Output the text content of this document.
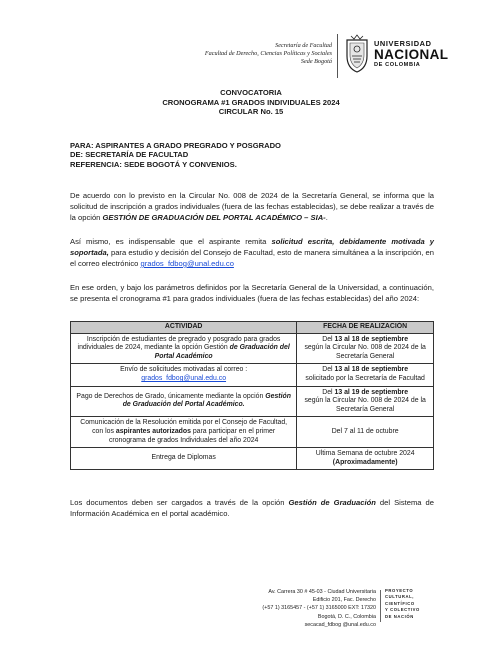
Secretaría de Facultad
Facultad de Derecho, Ciencias Políticas y Sociales
Sede Bogotá
UNIVERSIDAD
NACIONAL
DE COLOMBIA
CONVOCATORIA
CRONOGRAMA #1 GRADOS INDIVIDUALES 2024
CIRCULAR No. 15
PARA: ASPIRANTES A GRADO PREGRADO Y POSGRADO
DE: SECRETARÍA DE FACULTAD
REFERENCIA: SEDE BOGOTÁ Y CONVENIOS.

De acuerdo con lo previsto en la Circular No. 008 de 2024 de la Secretaría General, se informa que la solicitud de inscripción a grados individuales (fuera de las fechas establecidas), se debe realizar a través de la opción GESTIÓN DE GRADUACIÓN DEL PORTAL ACADÉMICO – SIA-.

Así mismo, es indispensable que el aspirante remita solicitud escrita, debidamente motivada y soportada, para estudio y decisión del Consejo de Facultad, esto de manera simultánea a la inscripción, en el correo electrónico grados_fdbog@unal.edu.co

En ese orden, y bajo los parámetros definidos por la Secretaría General de la Universidad, a continuación, se presenta el cronograma #1 para grados individuales (fuera de las fechas establecidas) del año 2024:

ACTIVIDAD	FECHA DE REALIZACIÓN
Inscripción de estudiantes de pregrado y posgrado para grados individuales de 2024, mediante la opción Gestión de Graduación del Portal Académico	Del 13 al 18 de septiembre
según la Circular No. 008 de 2024 de la Secretaría General
Envío de solicitudes motivadas al correo :
grados_fdbog@unal.edu.co	Del 13 al 18 de septiembre
solicitado por la Secretaría de Facultad
Pago de Derechos de Grado, únicamente mediante la opción Gestión de Graduación del Portal Académico.	Del 13 al 19 de septiembre
según la Circular No. 008 de 2024 de la Secretaría General
Comunicación de la Resolución emitida por el Consejo de Facultad, con los aspirantes autorizados para participar en el primer cronograma de grados Individuales del año 2024	Del 7 al 11 de octubre
Entrega de Diplomas	Ultima Semana de octubre 2024
(Aproximadamente)

Los documentos deben ser cargados a través de la opción Gestión de Graduación del Sistema de Información Académica en el portal académico.

Av. Carrera 30 # 45-03 - Ciudad Universitaria
Edificio 201, Fac. Derecho
(+57 1) 3165457 - (+57 1) 3165000 EXT: 17320
Bogotá, D. C., Colombia
secacad_fdbog @unal.edu.co
PROYECTO
CULTURAL,
CIENTÍFICO
Y COLECTIVO
DE NACIÓN
